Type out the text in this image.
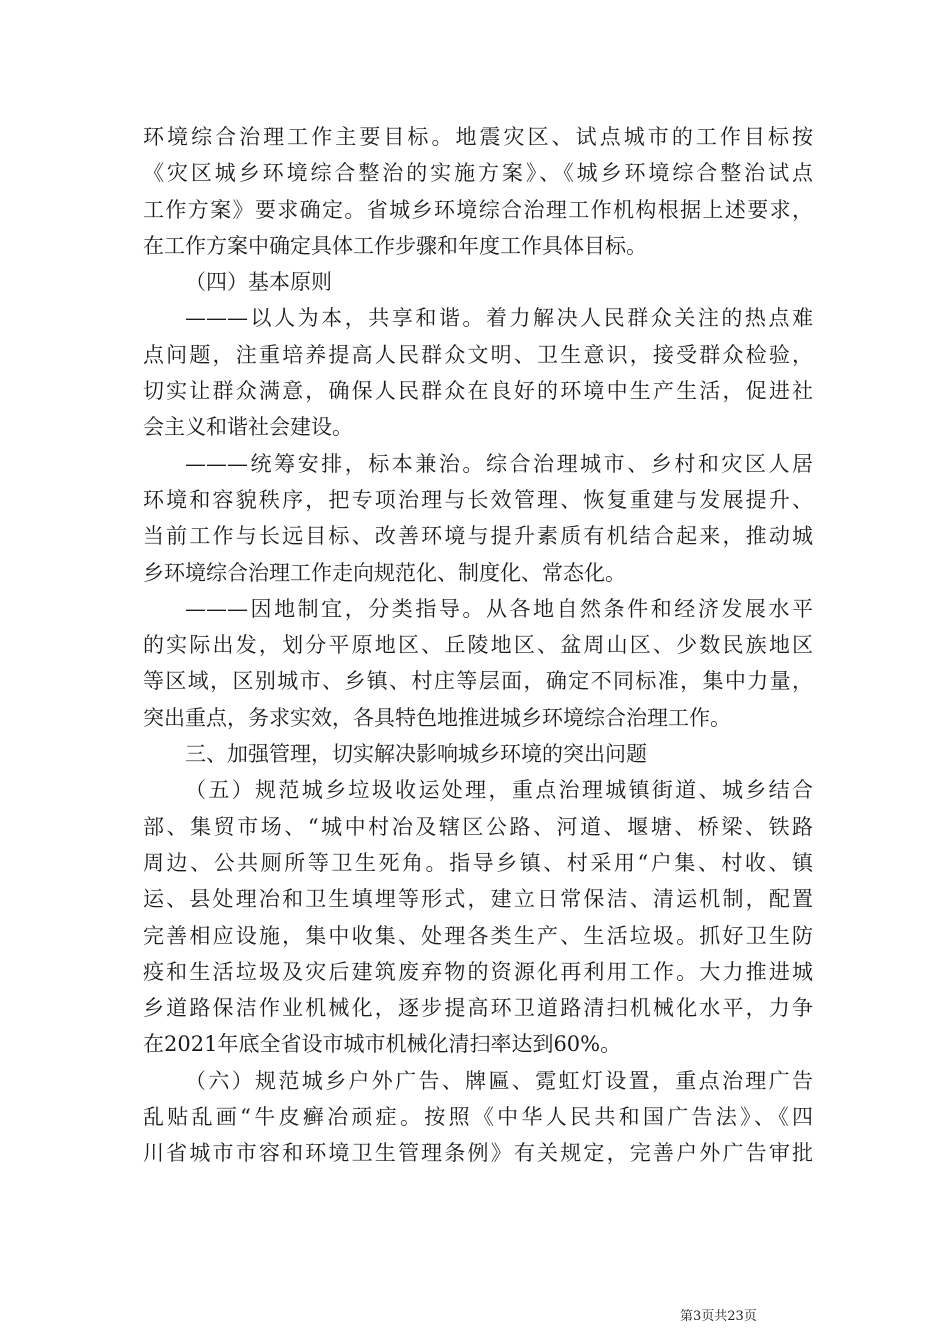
环境综合治理工作主要目标。地震灾区、试点城市的工作目标按
《灾区城乡环境综合整治的实施方案》、《城乡环境综合整治试点
工作方案》要求确定。省城乡环境综合治理工作机构根据上述要求，
在工作方案中确定具体工作步骤和年度工作具体目标。
（四）基本原则
———以人为本，共享和谐。着力解决人民群众关注的热点难
点问题，注重培养提高人民群众文明、卫生意识，接受群众检验，
切实让群众满意，确保人民群众在良好的环境中生产生活，促进社
会主义和谐社会建设。
———统筹安排，标本兼治。综合治理城市、乡村和灾区人居
环境和容貌秩序，把专项治理与长效管理、恢复重建与发展提升、
当前工作与长远目标、改善环境与提升素质有机结合起来，推动城
乡环境综合治理工作走向规范化、制度化、常态化。
———因地制宜，分类指导。从各地自然条件和经济发展水平
的实际出发，划分平原地区、丘陵地区、盆周山区、少数民族地区
等区域，区别城市、乡镇、村庄等层面，确定不同标准，集中力量，
突出重点，务求实效，各具特色地推进城乡环境综合治理工作。
三、加强管理，切实解决影响城乡环境的突出问题
（五）规范城乡垃圾收运处理，重点治理城镇街道、城乡结合
部、集贸市场、“城中村冶及辖区公路、河道、堰塘、桥梁、铁路
周边、公共厕所等卫生死角。指导乡镇、村采用“户集、村收、镇
运、县处理冶和卫生填埋等形式，建立日常保洁、清运机制，配置
完善相应设施，集中收集、处理各类生产、生活垃圾。抓好卫生防
疫和生活垃圾及灾后建筑废弃物的资源化再利用工作。大力推进城
乡道路保洁作业机械化，逐步提高环卫道路清扫机械化水平，力争
在2021年底全省设市城市机械化清扫率达到60%。
（六）规范城乡户外广告、牌匾、霓虹灯设置，重点治理广告
乱贴乱画“牛皮癣冶顽症。按照《中华人民共和国广告法》、《四
川省城市市容和环境卫生管理条例》有关规定，完善户外广告审批
第3页共23页
